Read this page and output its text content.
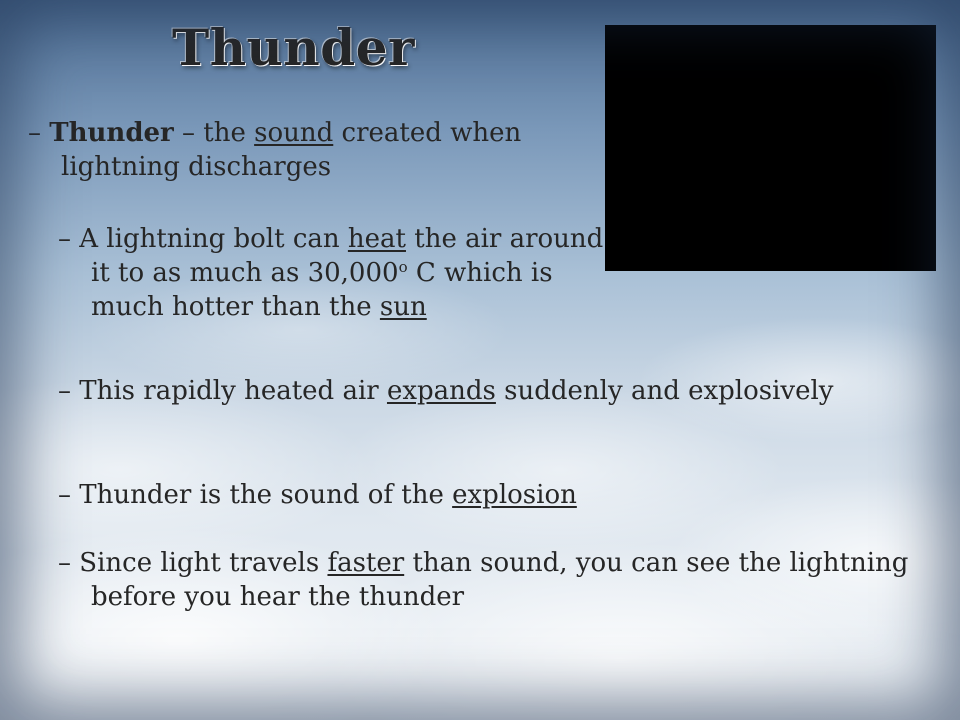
Thunder
– Thunder – the sound created when lightning discharges
– A lightning bolt can heat the air around it to as much as 30,000$^o$ C which is much hotter than the sun
– This rapidly heated air expands suddenly and explosively
– Thunder is the sound of the explosion
– Since light travels faster than sound, you can see the lightning before you hear the thunder
